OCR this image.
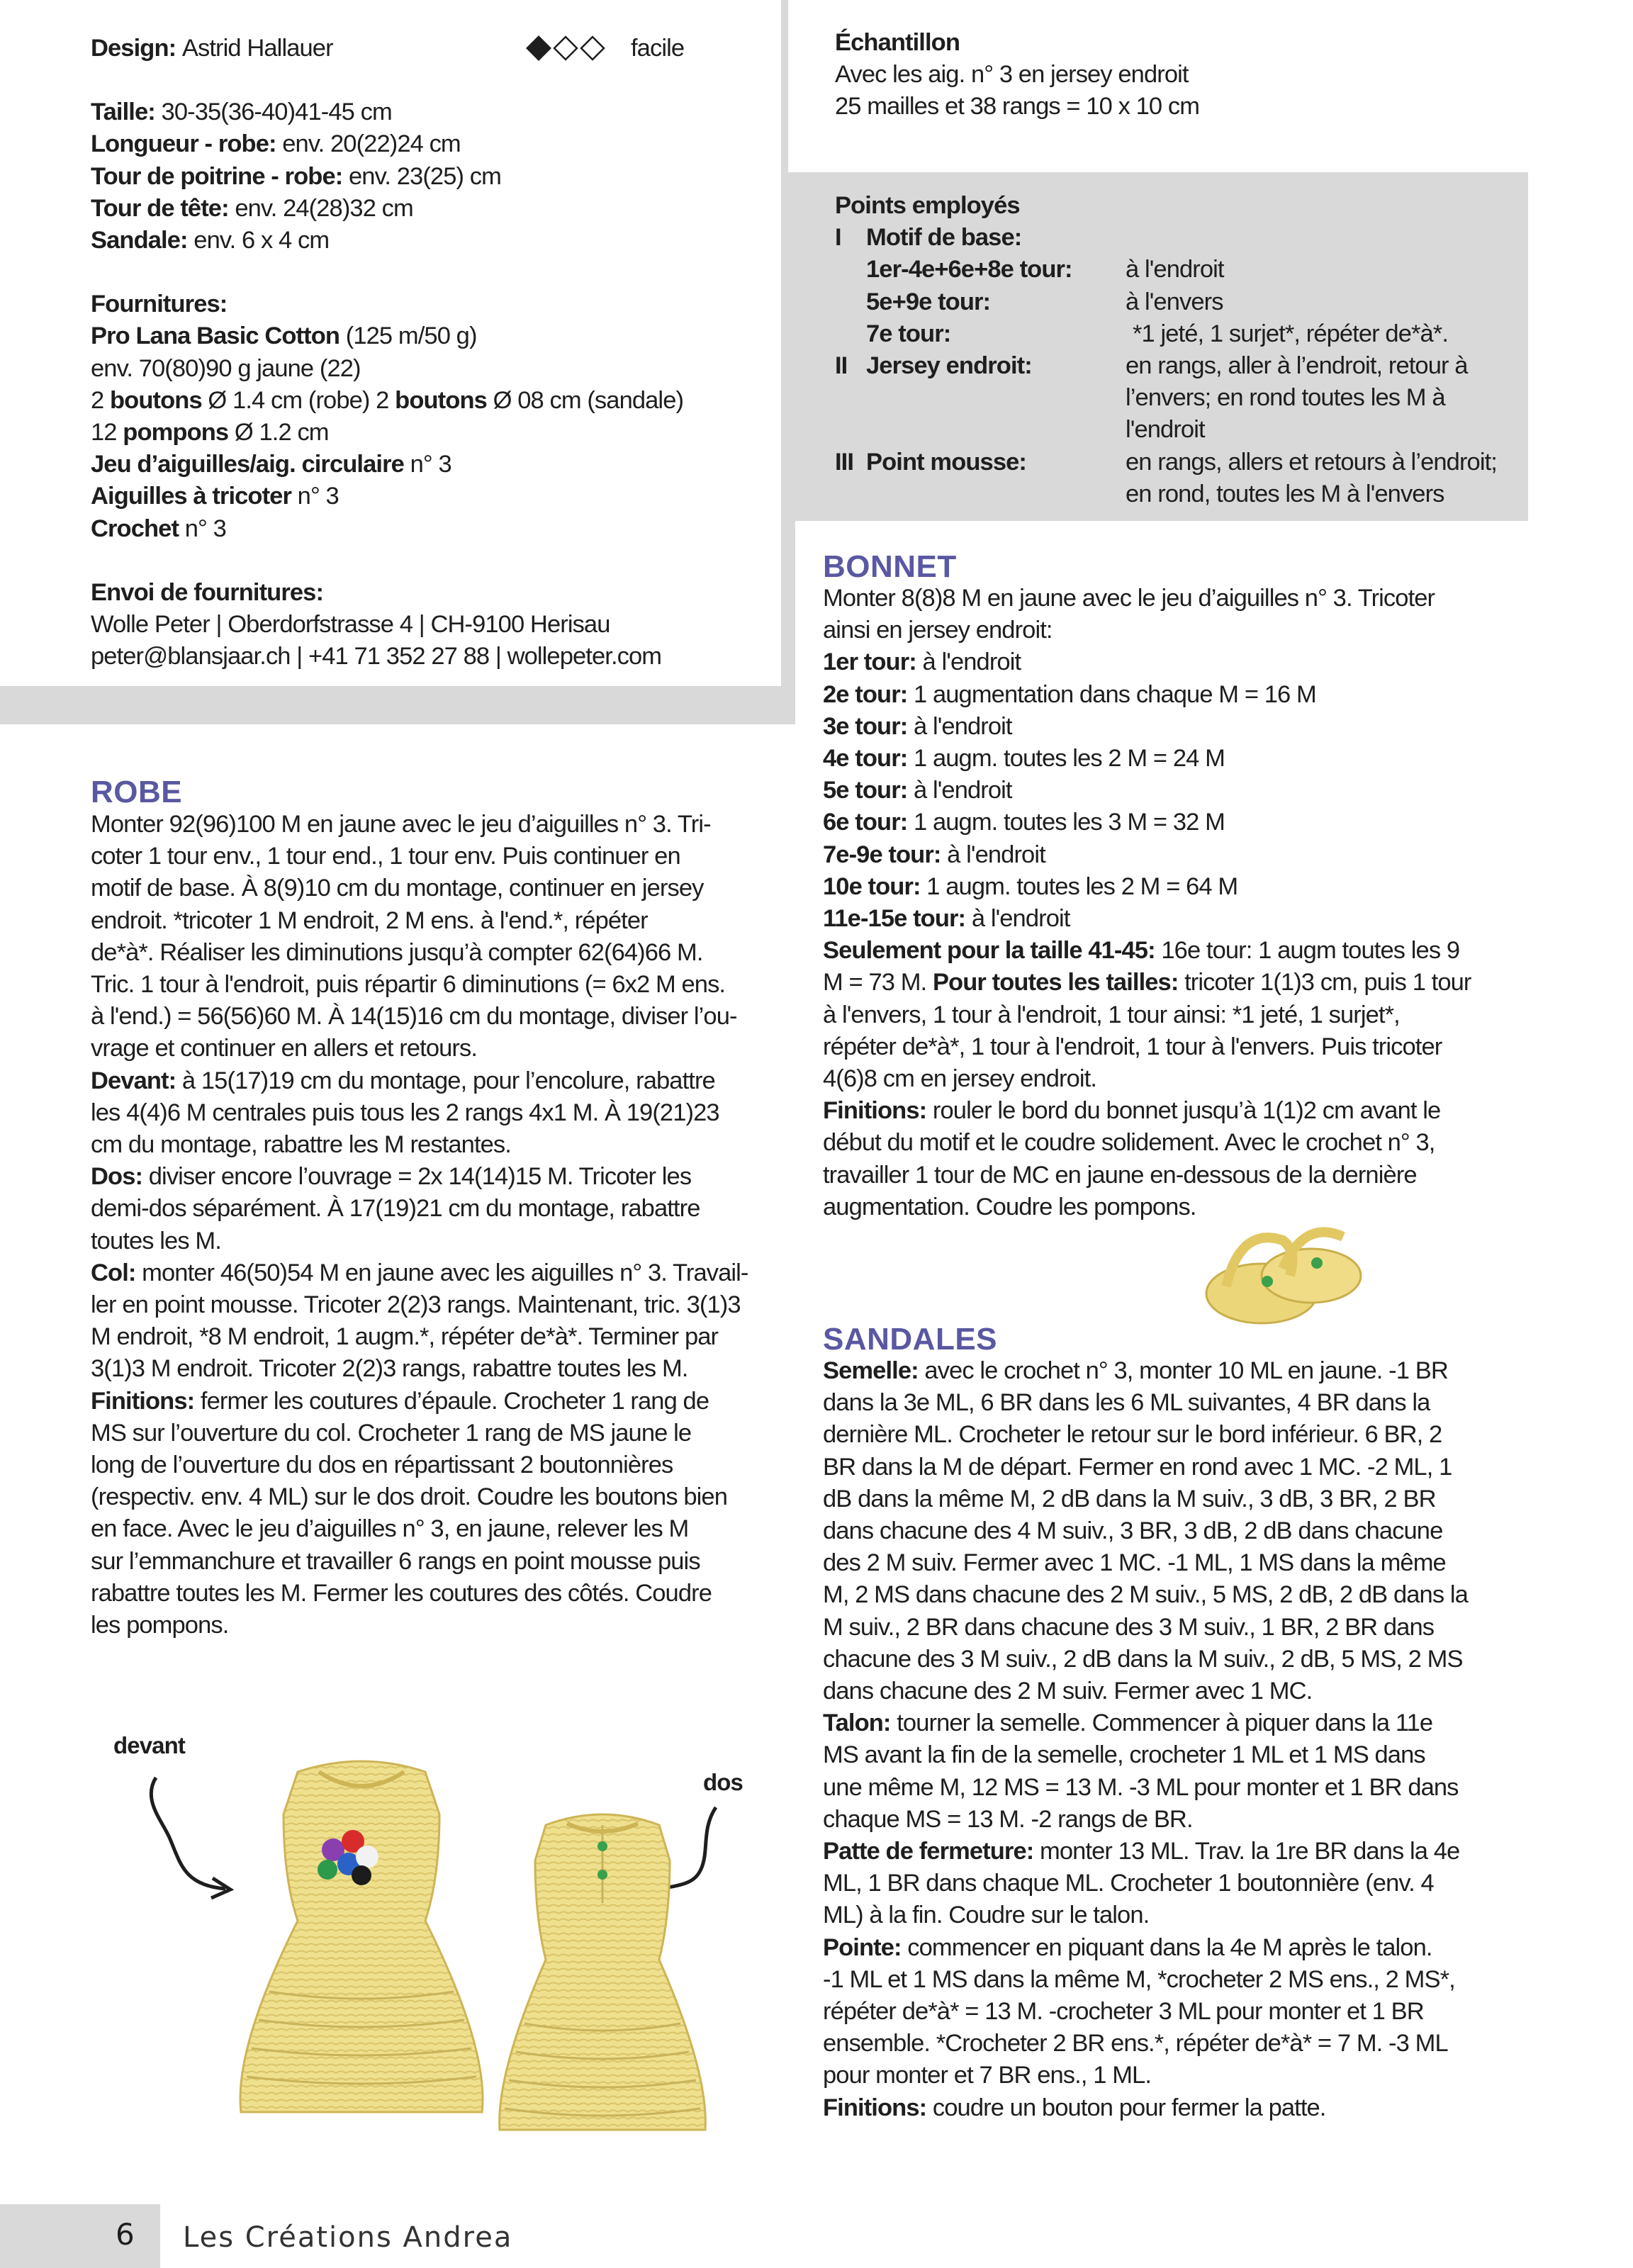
Design:
Astrid Hallauer
Taille: 30-35(36-40)41-45 cm
Longueur - robe: env. 20(22)24 cm
Tour de poitrine - robe: env. 23(25) cm
Tour de tête: env. 24(28)32 cm
Sandale: env. 6 x 4 cm
Fournitures:
Pro Lana Basic Cotton (125 m/50 g)
env. 70(80)90 g jaune (22)
2 boutons Ø 1.4 cm (robe) 2 boutons Ø 08 cm (sandale)
12 pompons Ø 1.2 cm
Jeu d’aiguilles/aig. circulaire n° 3
Aiguilles à tricoter n° 3
Crochet n° 3
Envoi de fournitures:
Wolle Peter | Oberdorfstrasse 4 | CH-9100 Herisau
peter@blansjaar.ch | +41 71 352 27 88 | wollepeter.com
facile	Échantillon
Avec les aig. n° 3 en jersey endroit
25 mailles et 38 rangs = 10 x 10 cm
Points employés
I	Motif de base:
1er-4e+6e+8e tour:	à l'endroit
5e+9e tour:	à l'envers
7e tour:	*1 jeté, 1 surjet*, répéter de*à*.
II Jersey endroit:	en rangs, aller à l’endroit, retour à
l’envers; en rond toutes les M à
l'endroit
III Point mousse:	en rangs, allers et retours à l’endroit;
en rond, toutes les M à l'envers
ROBE
Monter 92(96)100 M en jaune avec le jeu d’aiguilles n° 3. Tri-
coter 1 tour env., 1 tour end., 1 tour env. Puis continuer en
motif de base. À 8(9)10 cm du montage, continuer en jersey
endroit. *tricoter 1 M endroit, 2 M ens. à l'end.*, répéter
de*à*. Réaliser les diminutions jusqu’à compter 62(64)66 M.
Tric. 1 tour à l'endroit, puis répartir 6 diminutions (= 6x2 M ens.
à l'end.) = 56(56)60 M. À 14(15)16 cm du montage, diviser l’ou-
vrage et continuer en allers et retours.
Devant: à 15(17)19 cm du montage, pour l’encolure, rabattre
les 4(4)6 M centrales puis tous les 2 rangs 4x1 M. À 19(21)23
cm du montage, rabattre les M restantes.
Dos: diviser encore l’ouvrage = 2x 14(14)15 M. Tricoter les
demi-dos séparément. À 17(19)21 cm du montage, rabattre
toutes les M.
Col: monter 46(50)54 M en jaune avec les aiguilles n° 3. Travail-
ler en point mousse. Tricoter 2(2)3 rangs. Maintenant, tric. 3(1)3
M endroit, *8 M endroit, 1 augm.*, répéter de*à*. Terminer par
3(1)3 M endroit. Tricoter 2(2)3 rangs, rabattre toutes les M.
Finitions: fermer les coutures d’épaule. Crocheter 1 rang de
MS sur l’ouverture du col. Crocheter 1 rang de MS jaune le
long de l’ouverture du dos en répartissant 2 boutonnières
(respectiv. env. 4 ML) sur le dos droit. Coudre les boutons bien
en face. Avec le jeu d’aiguilles n° 3, en jaune, relever les M
sur l’emmanchure et travailler 6 rangs en point mousse puis
rabattre toutes les M. Fermer les coutures des côtés. Coudre
les pompons.
devant
dos
BONNET
Monter 8(8)8 M en jaune avec le jeu d’aiguilles n° 3. Tricoter
ainsi en jersey endroit:
1er tour: à l'endroit
2e tour: 1 augmentation dans chaque M = 16 M
3e tour: à l'endroit
4e tour: 1 augm. toutes les 2 M = 24 M
5e tour: à l'endroit
6e tour: 1 augm. toutes les 3 M = 32 M
7e-9e tour: à l'endroit
10e tour: 1 augm. toutes les 2 M = 64 M
11e-15e tour: à l'endroit
Seulement pour la taille 41-45: 16e tour: 1 augm toutes les 9
M = 73 M. Pour toutes les tailles: tricoter 1(1)3 cm, puis 1 tour
à l'envers, 1 tour à l'endroit, 1 tour ainsi: *1 jeté, 1 surjet*,
répéter de*à*, 1 tour à l'endroit, 1 tour à l'envers. Puis tricoter
4(6)8 cm en jersey endroit.
Finitions: rouler le bord du bonnet jusqu’à 1(1)2 cm avant le
début du motif et le coudre solidement. Avec le crochet n° 3,
travailler 1 tour de MC en jaune en-dessous de la dernière
augmentation. Coudre les pompons.
SANDALES
Semelle: avec le crochet n° 3, monter 10 ML en jaune. -1 BR
dans la 3e ML, 6 BR dans les 6 ML suivantes, 4 BR dans la
dernière ML. Crocheter le retour sur le bord inférieur. 6 BR, 2
BR dans la M de départ. Fermer en rond avec 1 MC. -2 ML, 1
dB dans la même M, 2 dB dans la M suiv., 3 dB, 3 BR, 2 BR
dans chacune des 4 M suiv., 3 BR, 3 dB, 2 dB dans chacune
des 2 M suiv. Fermer avec 1 MC. -1 ML, 1 MS dans la même
M, 2 MS dans chacune des 2 M suiv., 5 MS, 2 dB, 2 dB dans la
M suiv., 2 BR dans chacune des 3 M suiv., 1 BR, 2 BR dans
chacune des 3 M suiv., 2 dB dans la M suiv., 2 dB, 5 MS, 2 MS
dans chacune des 2 M suiv. Fermer avec 1 MC.
Talon: tourner la semelle. Commencer à piquer dans la 11e
MS avant la fin de la semelle, crocheter 1 ML et 1 MS dans
une même M, 12 MS = 13 M. -3 ML pour monter et 1 BR dans
chaque MS = 13 M. -2 rangs de BR.
Patte de fermeture: monter 13 ML. Trav. la 1re BR dans la 4e
ML, 1 BR dans chaque ML. Crocheter 1 boutonnière (env. 4
ML) à la fin. Coudre sur le talon.
Pointe: commencer en piquant dans la 4e M après le talon.
-1 ML et 1 MS dans la même M, *crocheter 2 MS ens., 2 MS*,
répéter de*à* = 13 M. -crocheter 3 ML pour monter et 1 BR
ensemble. *Crocheter 2 BR ens.*, répéter de*à* = 7 M. -3 ML
pour monter et 7 BR ens., 1 ML.
Finitions: coudre un bouton pour fermer la patte.
6 Les Créations Andrea
